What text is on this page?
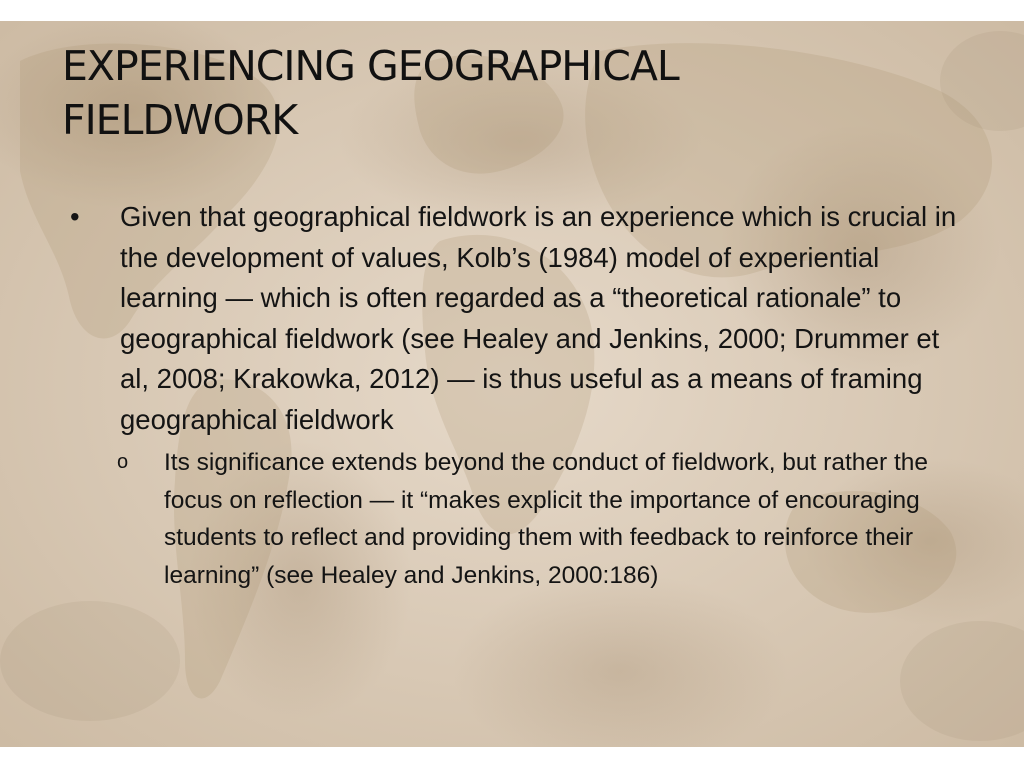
EXPERIENCING GEOGRAPHICAL
FIELDWORK
• Given that geographical fieldwork is an experience which is crucial in the development of values, Kolb’s (1984) model of experiential learning — which is often regarded as a “theoretical rationale” to geographical fieldwork (see Healey and Jenkins, 2000; Drummer et al, 2008; Krakowka, 2012) — is thus useful as a means of framing geographical fieldwork
o Its significance extends beyond the conduct of fieldwork, but rather the focus on reflection — it “makes explicit the importance of encouraging students to reflect and providing them with feedback to reinforce their learning” (see Healey and Jenkins, 2000:186)
